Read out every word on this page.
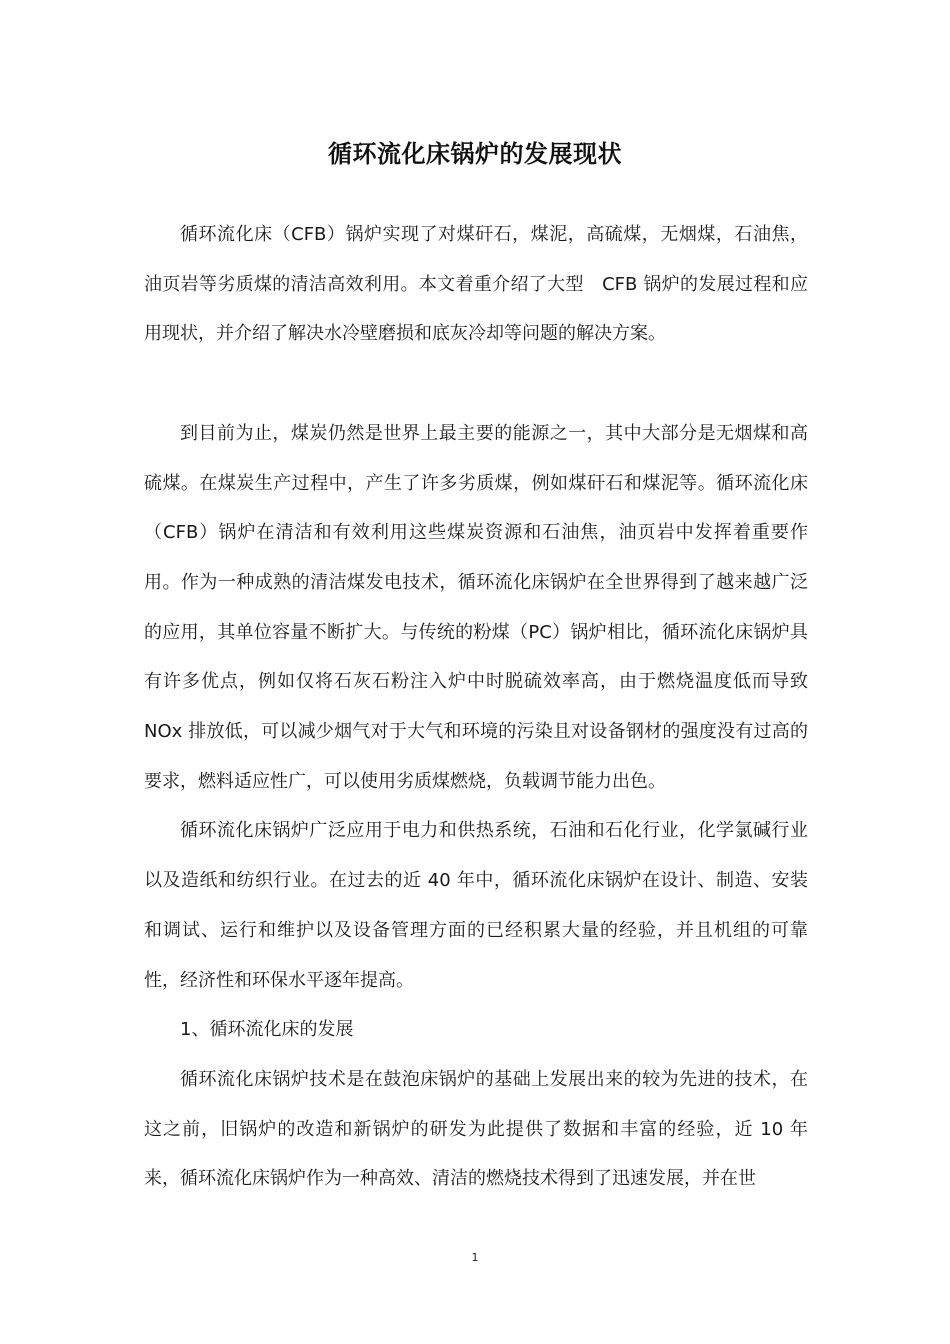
循环流化床锅炉的发展现状

循环流化床（CFB）锅炉实现了对煤矸石，煤泥，高硫煤，无烟煤，石油焦，油页岩等劣质煤的清洁高效利用。本文着重介绍了大型　CFB 锅炉的发展过程和应用现状，并介绍了解决水冷壁磨损和底灰冷却等问题的解决方案。

到目前为止，煤炭仍然是世界上最主要的能源之一，其中大部分是无烟煤和高硫煤。在煤炭生产过程中，产生了许多劣质煤，例如煤矸石和煤泥等。循环流化床（CFB）锅炉在清洁和有效利用这些煤炭资源和石油焦，油页岩中发挥着重要作用。作为一种成熟的清洁煤发电技术，循环流化床锅炉在全世界得到了越来越广泛的应用，其单位容量不断扩大。与传统的粉煤（PC）锅炉相比，循环流化床锅炉具有许多优点，例如仅将石灰石粉注入炉中时脱硫效率高，由于燃烧温度低而导致 NOx 排放低，可以减少烟气对于大气和环境的污染且对设备钢材的强度没有过高的要求，燃料适应性广，可以使用劣质煤燃烧，负载调节能力出色。

循环流化床锅炉广泛应用于电力和供热系统，石油和石化行业，化学氯碱行业以及造纸和纺织行业。在过去的近 40 年中，循环流化床锅炉在设计、制造、安装和调试、运行和维护以及设备管理方面的已经积累大量的经验，并且机组的可靠性，经济性和环保水平逐年提高。

1、循环流化床的发展

循环流化床锅炉技术是在鼓泡床锅炉的基础上发展出来的较为先进的技术，在这之前，旧锅炉的改造和新锅炉的研发为此提供了数据和丰富的经验，近 10 年来，循环流化床锅炉作为一种高效、清洁的燃烧技术得到了迅速发展，并在世

1
